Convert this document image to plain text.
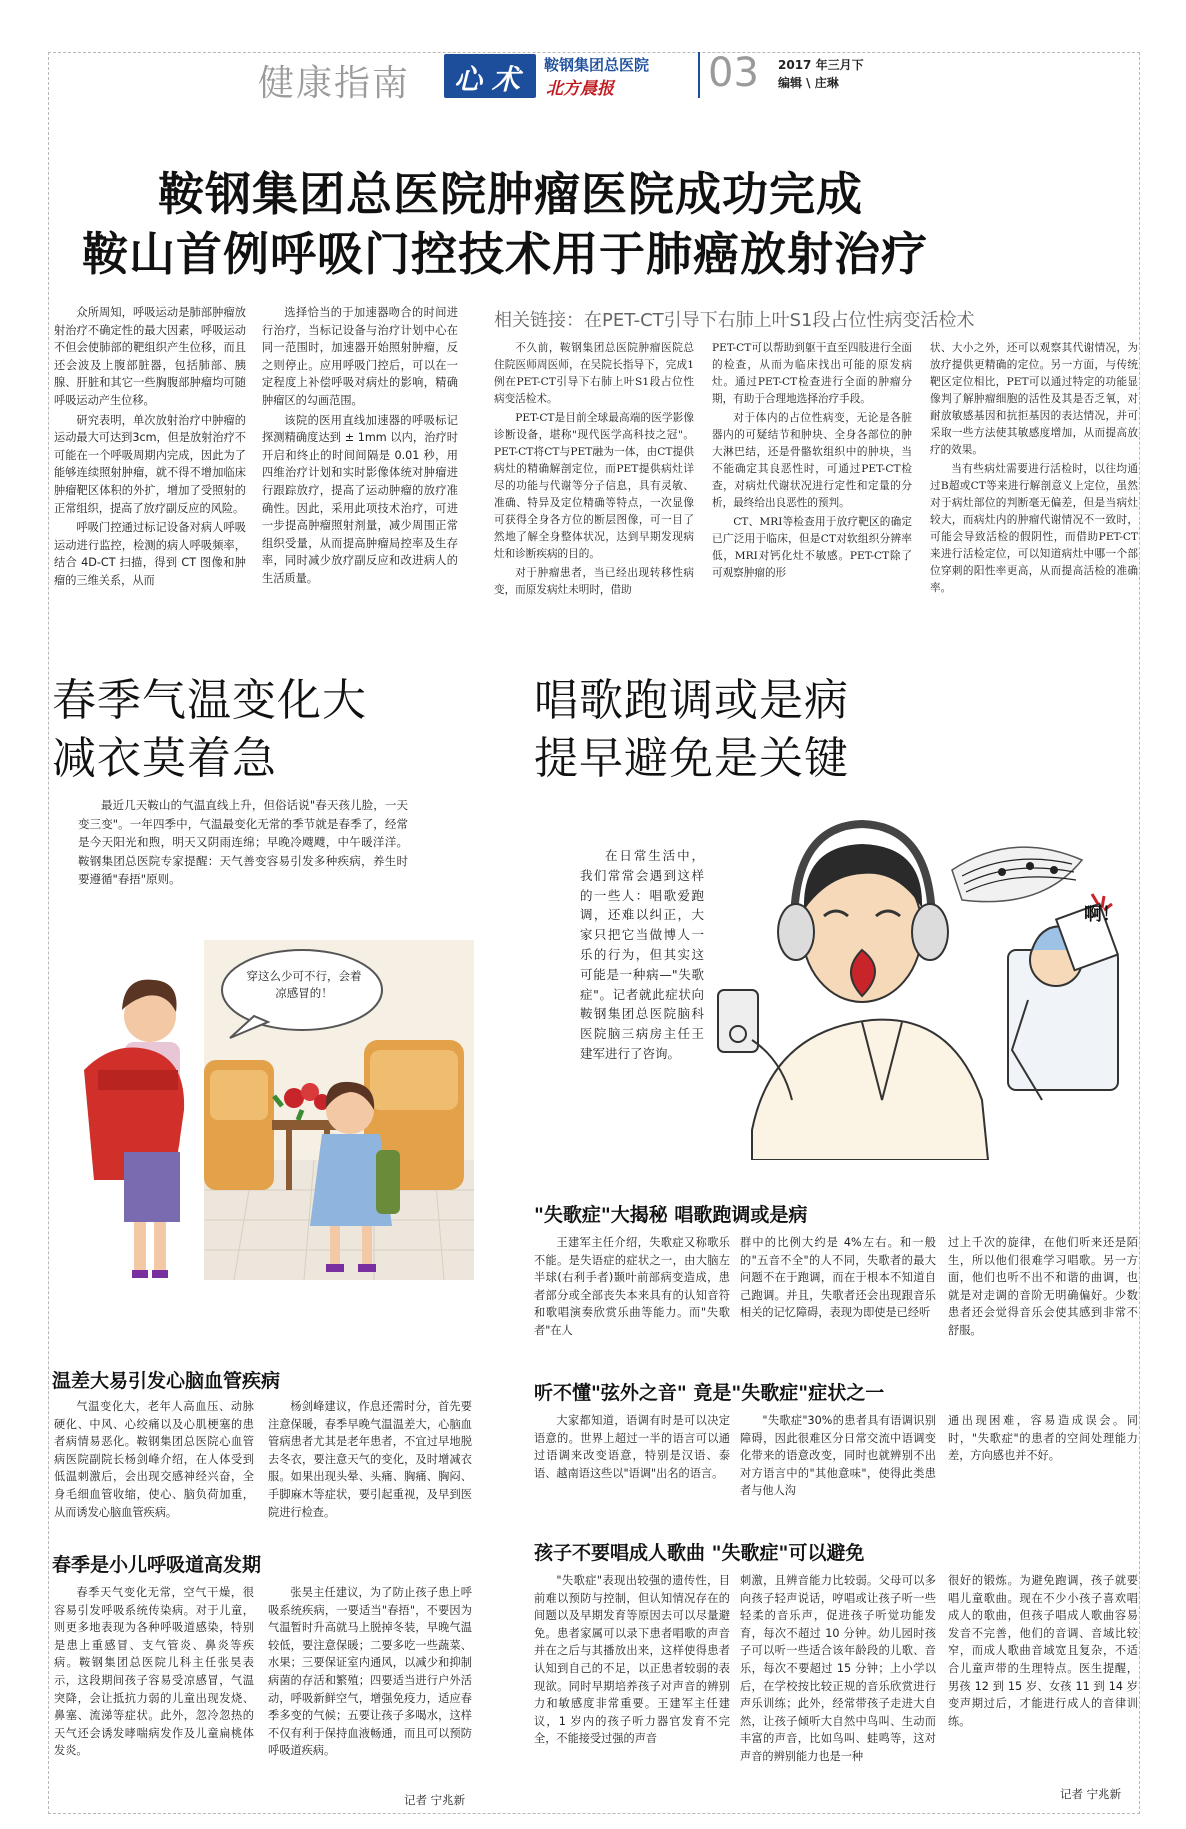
健康指南 心 术 鞍钢集团总医院
北方晨报 03 2017 年三月下
编辑 \ 庄琳
鞍钢集团总医院肿瘤医院成功完成
鞍山首例呼吸门控技术用于肺癌放射治疗

众所周知，呼吸运动是肺部肿瘤放射治疗不确定性的最大因素，呼吸运动不但会使肺部的靶组织产生位移，而且还会波及上腹部脏器，包括肺部、胰腺、肝脏和其它一些胸腹部肿瘤均可随呼吸运动产生位移。

研究表明，单次放射治疗中肿瘤的运动最大可达到3cm，但是放射治疗不可能在一个呼吸周期内完成，因此为了能够连续照射肿瘤，就不得不增加临床肿瘤靶区体积的外扩，增加了受照射的正常组织，提高了放疗副反应的风险。

呼吸门控通过标记设备对病人呼吸运动进行监控，检测的病人呼吸频率，结合 4D-CT 扫描，得到 CT 图像和肿瘤的三维关系，从而

选择恰当的于加速器吻合的时间进行治疗，当标记设备与治疗计划中心在同一范围时，加速器开始照射肿瘤，反之则停止。应用呼吸门控后，可以在一定程度上补偿呼吸对病灶的影响，精确肿瘤区的勾画范围。

该院的医用直线加速器的呼吸标记探测精确度达到 ± 1mm 以内，治疗时开启和终止的时间间隔是 0.01 秒，用四维治疗计划和实时影像体统对肿瘤进行跟踪放疗，提高了运动肿瘤的放疗准确性。因此，采用此项技术治疗，可进一步提高肿瘤照射剂量，减少周围正常组织受量，从而提高肿瘤局控率及生存率，同时减少放疗副反应和改进病人的生活质量。

相关链接：在PET-CT引导下右肺上叶S1段占位性病变活检术

不久前，鞍钢集团总医院肿瘤医院总住院医师周医师，在吴院长指导下，完成1例在PET-CT引导下右肺上叶S1段占位性病变活检术。

PET-CT是目前全球最高端的医学影像诊断设备，堪称"现代医学高科技之冠"。PET-CT将CT与PET融为一体，由CT提供病灶的精确解剖定位，而PET提供病灶详尽的功能与代谢等分子信息，具有灵敏、准确、特异及定位精确等特点，一次显像可获得全身各方位的断层图像，可一目了然地了解全身整体状况，达到早期发现病灶和诊断疾病的目的。

对于肿瘤患者，当已经出现转移性病变，而原发病灶未明时，借助

PET-CT可以帮助到躯干直至四肢进行全面的检查，从而为临床找出可能的原发病灶。通过PET-CT检查进行全面的肿瘤分期，有助于合理地选择治疗手段。

对于体内的占位性病变，无论是各脏器内的可疑结节和肿块、全身各部位的肿大淋巴结，还是骨骼软组织中的肿块，当不能确定其良恶性时，可通过PET-CT检查，对病灶代谢状况进行定性和定量的分析，最终给出良恶性的预判。

CT、MRI等检查用于放疗靶区的确定已广泛用于临床，但是CT对软组织分辨率低，MRI对钙化灶不敏感。PET-CT除了可观察肿瘤的形

状、大小之外，还可以观察其代谢情况，为放疗提供更精确的定位。另一方面，与传统靶区定位相比，PET可以通过特定的功能显像判了解肿瘤细胞的活性及其是否乏氧，对耐放敏感基因和抗拒基因的表达情况，并可采取一些方法使其敏感度增加，从而提高放疗的效果。

当有些病灶需要进行活检时，以往均通过B超或CT等来进行解剖意义上定位，虽然对于病灶部位的判断毫无偏差，但是当病灶较大，而病灶内的肿瘤代谢情况不一致时，可能会导致活检的假阴性，而借助PET-CT来进行活检定位，可以知道病灶中哪一个部位穿刺的阳性率更高，从而提高活检的准确率。

春季气温变化大
减衣莫着急

最近几天鞍山的气温直线上升，但俗话说"春天孩儿脸，一天变三变"。一年四季中，气温最变化无常的季节就是春季了，经常是今天阳光和煦，明天又阴雨连绵；早晚冷飕飕，中午暖洋洋。鞍钢集团总医院专家提醒：天气善变容易引发多种疾病，养生时要遵循"春捂"原则。

穿这么少可不行，会着凉感冒的！
温差大易引发心脑血管疾病

气温变化大，老年人高血压、动脉硬化、中风、心绞痛以及心肌梗塞的患者病情易恶化。鞍钢集团总医院心血管病医院副院长杨剑峰介绍，在人体受到低温刺激后，会出现交感神经兴奋，全身毛细血管收缩，使心、脑负荷加重，从而诱发心脑血管疾病。

杨剑峰建议，作息还需时分，首先要注意保暖，春季早晚气温温差大，心脑血管病患者尤其是老年患者，不宜过早地脱去冬衣，要注意天气的变化，及时增减衣服。如果出现头晕、头痛、胸痛、胸闷、手脚麻木等症状，要引起重视，及早到医院进行检查。

春季是小儿呼吸道高发期

春季天气变化无常，空气干燥，很容易引发呼吸系统传染病。对于儿童，则更多地表现为各种呼吸道感染，特别是患上重感冒、支气管炎、鼻炎等疾病。鞍钢集团总医院儿科主任张昊表示，这段期间孩子容易受凉感冒，气温突降，会让抵抗力弱的儿童出现发烧、鼻塞、流涕等症状。此外，忽冷忽热的天气还会诱发哮喘病发作及儿童扁桃体发炎。

张昊主任建议，为了防止孩子患上呼吸系统疾病，一要适当"春捂"，不要因为气温暂时升高就马上脱掉冬装，早晚气温较低，要注意保暖；二要多吃一些蔬菜、水果；三要保证室内通风，以减少和抑制病菌的存活和繁殖；四要适当进行户外活动，呼吸新鲜空气，增强免疫力，适应春季多变的气候；五要让孩子多喝水，这样不仅有利于保持血液畅通，而且可以预防呼吸道疾病。

记者 宁兆新
唱歌跑调或是病
提早避免是关键

在日常生活中，我们常常会遇到这样的一些人：唱歌爱跑调，还难以纠正，大家只把它当做博人一乐的行为，但其实这可能是一种病—"失歌症"。记者就此症状向鞍钢集团总医院脑科医院脑三病房主任王建军进行了咨询。

啊！
"失歌症"大揭秘 唱歌跑调或是病

王建军主任介绍，失歌症又称歌乐不能。是失语症的症状之一，由大脑左半球(右利手者)颞叶前部病变造成，患者部分或全部丧失本来具有的认知音符和歌唱演奏欣赏乐曲等能力。而"失歌者"在人

群中的比例大约是 4%左右。和一般的"五音不全"的人不同，失歌者的最大问题不在于跑调，而在于根本不知道自己跑调。并且，失歌者还会出现跟音乐相关的记忆障碍，表现为即使是已经听

过上千次的旋律，在他们听来还是陌生，所以他们很难学习唱歌。另一方面，他们也听不出不和谐的曲调，也就是对走调的音阶无明确偏好。少数患者还会觉得音乐会使其感到非常不舒服。

听不懂"弦外之音" 竟是"失歌症"症状之一

大家都知道，语调有时是可以决定语意的。世界上超过一半的语言可以通过语调来改变语意，特别是汉语、泰语、越南语这些以"语调"出名的语言。

"失歌症"30%的患者具有语调识别障碍，因此很难区分日常交流中语调变化带来的语意改变，同时也就辨别不出对方语言中的"其他意味"，使得此类患者与他人沟

通出现困难，容易造成误会。同时，"失歌症"的患者的空间处理能力差，方向感也并不好。

孩子不要唱成人歌曲 "失歌症"可以避免

"失歌症"表现出较强的遗传性，目前难以预防与控制，但认知情况存在的间题以及早期发育等原因去可以尽量避免。患者家属可以录下患者唱歌的声音并在之后与其播放出来，这样使得患者认知到自己的不足，以正患者较弱的表现欲。同时早期培养孩子对声音的辨别力和敏感度非常重要。王建军主任建议，1 岁内的孩子听力器官发育不完全，不能接受过强的声音

刺激，且辨音能力比较弱。父母可以多向孩子轻声说话，哼唱或让孩子听一些轻柔的音乐声，促进孩子听觉功能发育，每次不超过 10 分钟。幼儿园时孩子可以听一些适合该年龄段的儿歌、音乐，每次不要超过 15 分钟；上小学以后，在学校按比较正规的音乐欣赏进行声乐训练；此外，经常带孩子走进大自然，让孩子倾听大自然中鸟叫、生动而丰富的声音，比如鸟叫、蛙鸣等，这对声音的辨别能力也是一种

很好的锻炼。为避免跑调，孩子就要唱儿童歌曲。现在不少小孩子喜欢唱成人的歌曲，但孩子唱成人歌曲容易发音不完善，他们的音调、音域比较窄，而成人歌曲音域宽且复杂，不适合儿童声带的生理特点。医生提醒，男孩 12 到 15 岁、女孩 11 到 14 岁变声期过后，才能进行成人的音律训练。

记者 宁兆新
